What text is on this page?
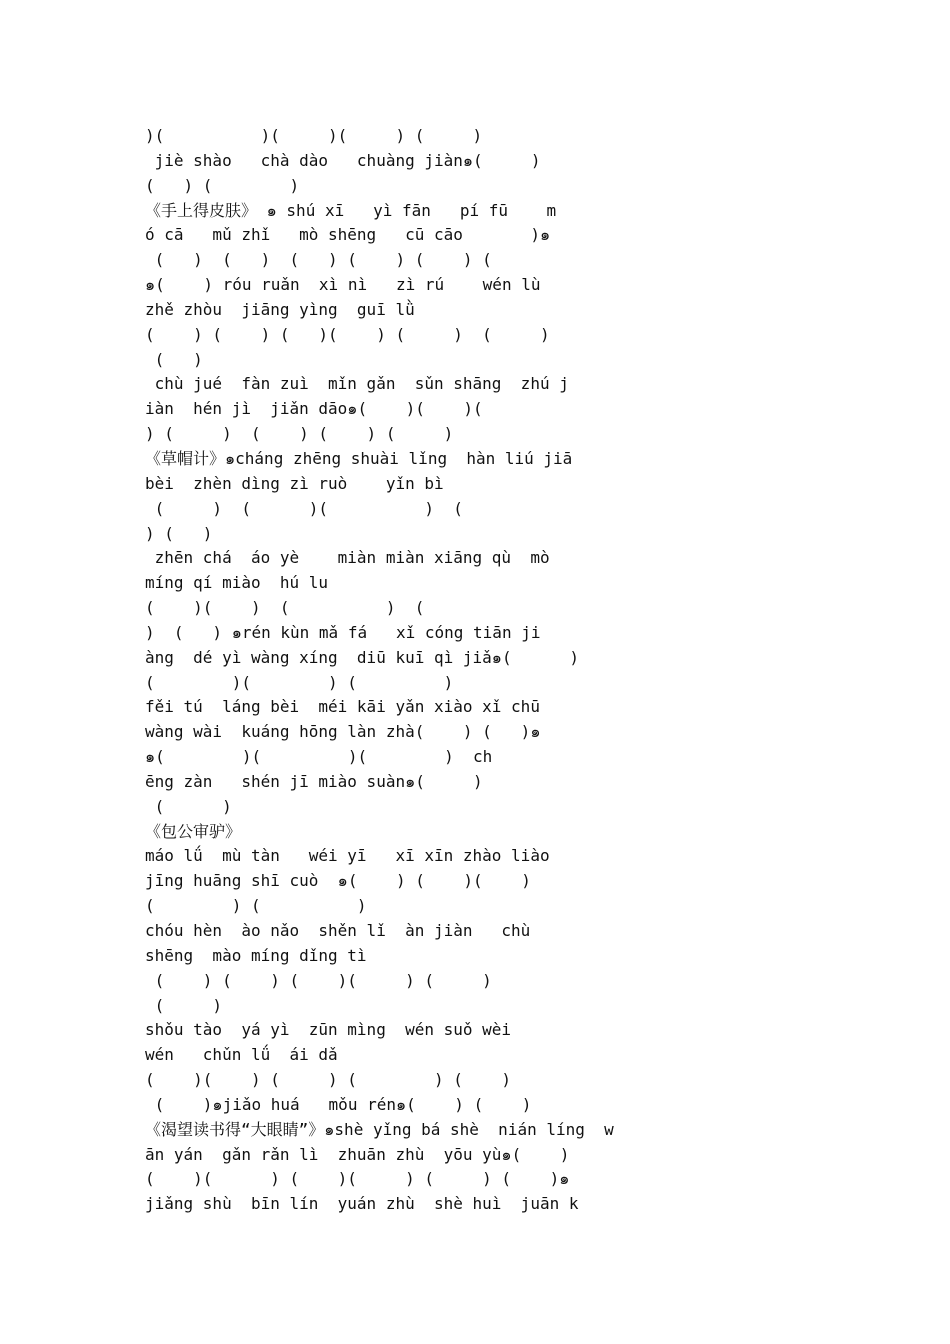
)(          )(     )(     ) (     )
jiè shào   chà dào   chuàng jiàn๑(     )
(   ) (        )
《手上得皮肤》 ๑ shú xī   yì fān   pí fū    m
ó cā   mǔ zhǐ   mò shēng   cū cāo       )๑
(   )  (   )  (   ) (    ) (    ) (
๑(    ) róu ruǎn  xì nì   zì rú    wén lù
zhě zhòu  jiāng yìng  guī lǜ
(    ) (    ) (   )(    ) (     )  (     )
(   )
chù jué  fàn zuì  mǐn gǎn  sǔn shāng  zhú j
iàn  hén jì  jiǎn dāo๑(    )(    )(
) (     )  (    ) (    ) (     )
《草帽计》๑cháng zhēng shuài lǐng  hàn liú jiā
bèi  zhèn dìng zì ruò    yǐn bì
(     )  (      )(          )  (
) (   )
zhēn chá  áo yè    miàn miàn xiāng qù  mò
míng qí miào  hú lu
(    )(    )  (          )  (
)  (   ) ๑rén kùn mǎ fá   xǐ cóng tiān ji
àng  dé yì wàng xíng  diū kuī qì jiǎ๑(      )
(        )(        ) (         )
fěi tú  láng bèi  méi kāi yǎn xiào xǐ chū
wàng wài  kuáng hōng làn zhà(    ) (   )๑
๑(        )(         )(        )  ch
ēng zàn   shén jī miào suàn๑(     )
(      )
《包公审驴》
máo lǘ  mù tàn   wéi yī   xī xīn zhào liào
jīng huāng shī cuò  ๑(    ) (    )(    )
(        ) (          )
chóu hèn  ào nǎo  shěn lǐ  àn jiàn   chù
shēng  mào míng dǐng tì
(    ) (    ) (    )(     ) (     )
(     )
shǒu tào  yá yì  zūn mìng  wén suǒ wèi
wén   chǔn lǘ  ái dǎ
(    )(    ) (     ) (        ) (    )
(    )๑jiǎo huá   mǒu rén๑(    ) (    )
《渴望读书得“大眼睛”》๑shè yǐng bá shè  nián líng  w
ān yán  gǎn rǎn lì  zhuān zhù  yōu yù๑(    )
(    )(      ) (    )(     ) (     ) (    )๑
jiǎng shù  bīn lín  yuán zhù  shè huì  juān k
